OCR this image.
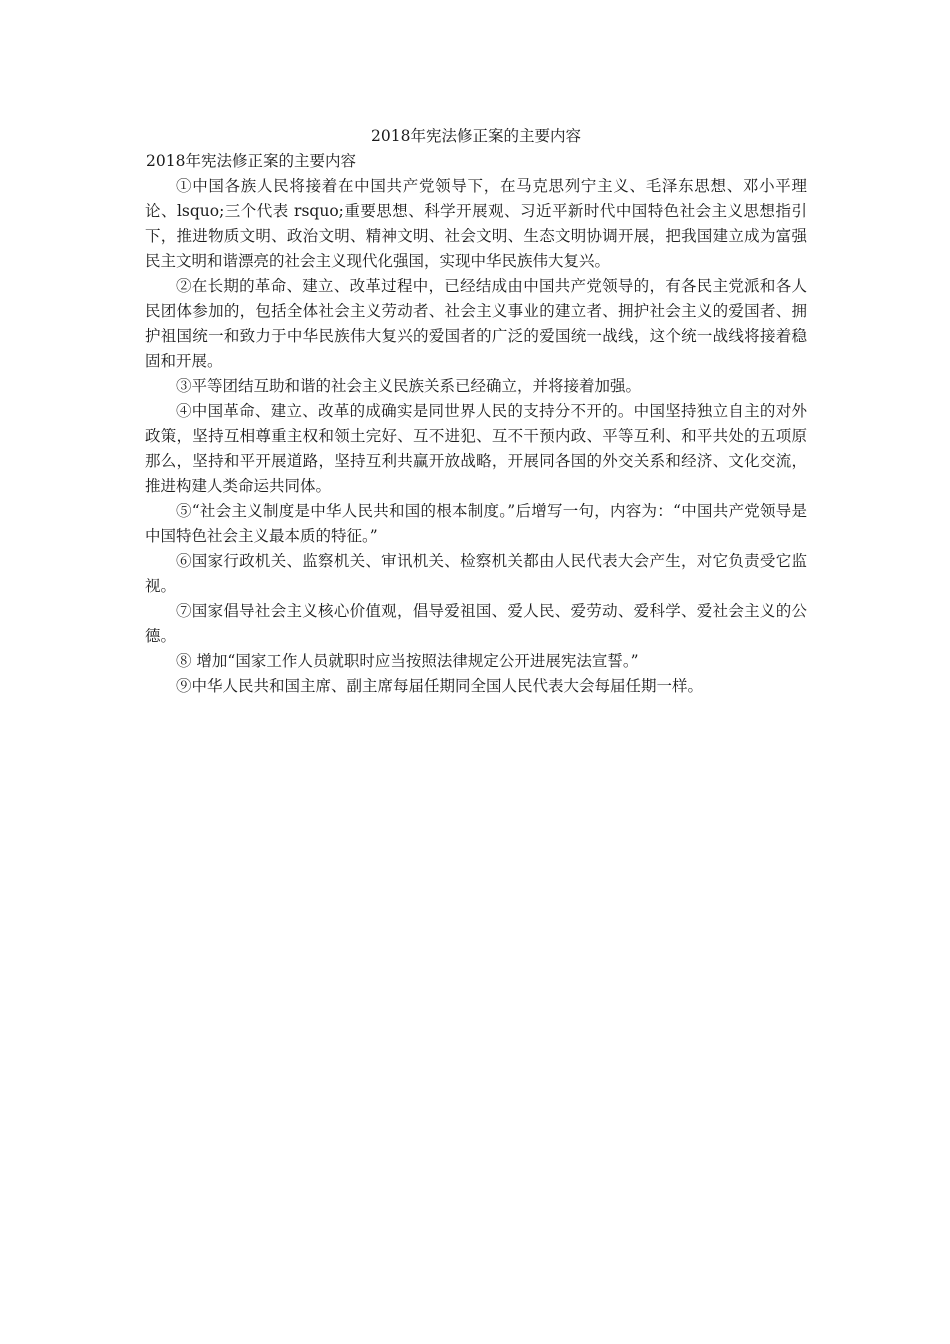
2018年宪法修正案的主要内容
2018年宪法修正案的主要内容

①中国各族人民将接着在中国共产党领导下，在马克思列宁主义、毛泽东思想、邓小平理论、lsquo;三个代表 rsquo;重要思想、科学开展观、习近平新时代中国特色社会主义思想指引下，推进物质文明、政治文明、精神文明、社会文明、生态文明协调开展，把我国建立成为富强民主文明和谐漂亮的社会主义现代化强国，实现中华民族伟大复兴。

②在长期的革命、建立、改革过程中，已经结成由中国共产党领导的，有各民主党派和各人民团体参加的，包括全体社会主义劳动者、社会主义事业的建立者、拥护社会主义的爱国者、拥护祖国统一和致力于中华民族伟大复兴的爱国者的广泛的爱国统一战线，这个统一战线将接着稳固和开展。

③平等团结互助和谐的社会主义民族关系已经确立，并将接着加强。

④中国革命、建立、改革的成确实是同世界人民的支持分不开的。中国坚持独立自主的对外政策，坚持互相尊重主权和领土完好、互不进犯、互不干预内政、平等互利、和平共处的五项原那么，坚持和平开展道路，坚持互利共赢开放战略，开展同各国的外交关系和经济、文化交流，推进构建人类命运共同体。

⑤“社会主义制度是中华人民共和国的根本制度。”后增写一句，内容为：“中国共产党领导是中国特色社会主义最本质的特征。”

⑥国家行政机关、监察机关、审讯机关、检察机关都由人民代表大会产生，对它负责受它监视。

⑦国家倡导社会主义核心价值观，倡导爱祖国、爱人民、爱劳动、爱科学、爱社会主义的公德。

⑧ 增加“国家工作人员就职时应当按照法律规定公开进展宪法宣誓。”

⑨中华人民共和国主席、副主席每届任期同全国人民代表大会每届任期一样。
